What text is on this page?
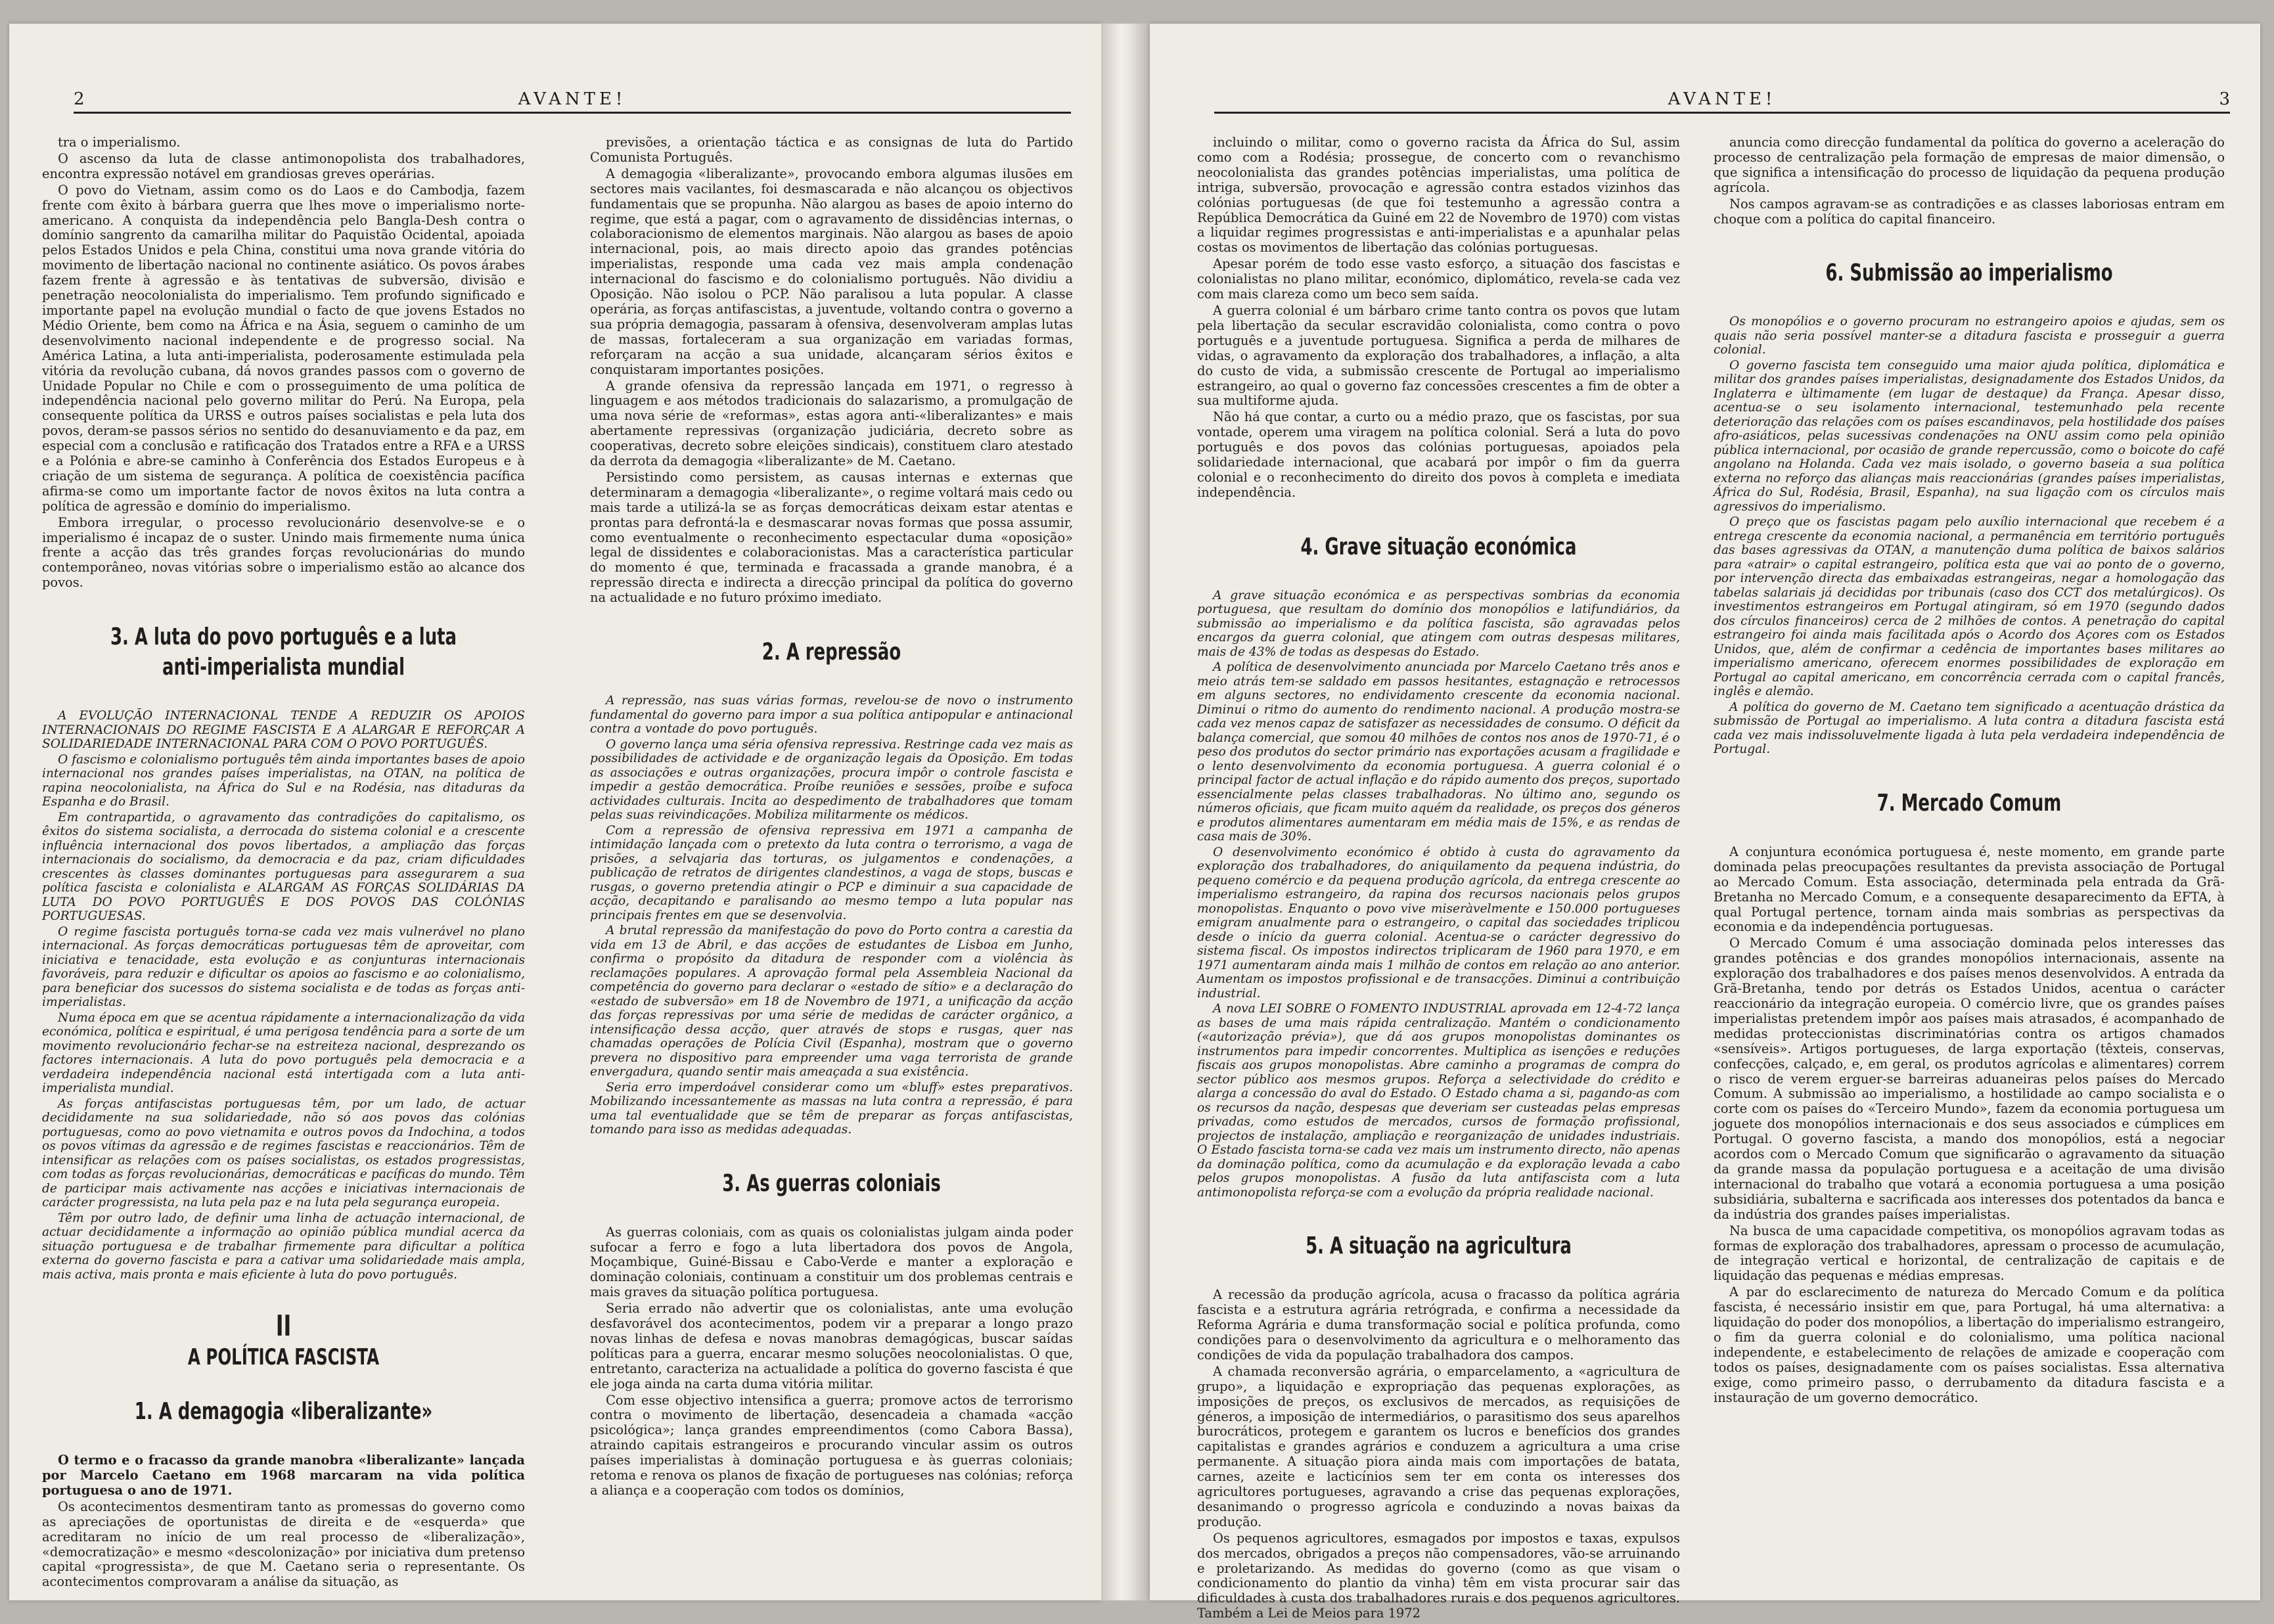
2	AVANTE!

tra o imperialismo.

O ascenso da luta de classe antimonopolista dos trabalhadores, encontra expressão notável em grandiosas greves operárias.

O povo do Vietnam, assim como os do Laos e do Cambodja, fazem frente com êxito à bárbara guerra que lhes move o imperialismo norte-americano. A conquista da independência pelo Bangla-Desh contra o domínio sangrento da camarilha militar do Paquistão Ocidental, apoiada pelos Estados Unidos e pela China, constitui uma nova grande vitória do movimento de libertação nacional no continente asiático. Os povos árabes fazem frente à agressão e às tentativas de subversão, divisão e penetração neocolonialista do imperialismo. Tem profundo significado e importante papel na evolução mundial o facto de que jovens Estados no Médio Oriente, bem como na África e na Ásia, seguem o caminho de um desenvolvimento nacional independente e de progresso social. Na América Latina, a luta anti-imperialista, poderosamente estimulada pela vitória da revolução cubana, dá novos grandes passos com o governo de Unidade Popular no Chile e com o prosseguimento de uma política de independência nacional pelo governo militar do Perú. Na Europa, pela consequente política da URSS e outros países socialistas e pela luta dos povos, deram-se passos sérios no sentido do desanuviamento e da paz, em especial com a conclusão e ratificação dos Tratados entre a RFA e a URSS e a Polónia e abre-se caminho à Conferência dos Estados Europeus e à criação de um sistema de segurança. A política de coexistência pacífica afirma-se como um importante factor de novos êxitos na luta contra a política de agressão e domínio do imperialismo.

Embora irregular, o processo revolucionário desenvolve-se e o imperialismo é incapaz de o suster. Unindo mais firmemente numa única frente a acção das três grandes forças revolucionárias do mundo contemporâneo, novas vitórias sobre o imperialismo estão ao alcance dos povos.

3. A luta do povo português e a luta anti-imperialista mundial

A EVOLUÇÃO INTERNACIONAL TENDE A REDUZIR OS APOIOS INTERNACIONAIS DO REGIME FASCISTA E A ALARGAR E REFORÇAR A SOLIDARIEDADE INTERNACIONAL PARA COM O POVO PORTUGUÊS.

O fascismo e colonialismo português têm ainda importantes bases de apoio internacional nos grandes países imperialistas, na OTAN, na política de rapina neocolonialista, na África do Sul e na Rodésia, nas ditaduras da Espanha e do Brasil.

Em contrapartida, o agravamento das contradições do capitalismo, os êxitos do sistema socialista, a derrocada do sistema colonial e a crescente influência internacional dos povos libertados, a ampliação das forças internacionais do socialismo, da democracia e da paz, criam dificuldades crescentes às classes dominantes portuguesas para assegurarem a sua política fascista e colonialista e ALARGAM AS FORÇAS SOLIDÁRIAS DA LUTA DO POVO PORTUGUÊS E DOS POVOS DAS COLÓNIAS PORTUGUESAS.

O regime fascista português torna-se cada vez mais vulnerável no plano internacional. As forças democráticas portuguesas têm de aproveitar, com iniciativa e tenacidade, esta evolução e as conjunturas internacionais favoráveis, para reduzir e dificultar os apoios ao fascismo e ao colonialismo, para beneficiar dos sucessos do sistema socialista e de todas as forças anti-imperialistas.

Numa época em que se acentua rápidamente a internacionalização da vida económica, política e espiritual, é uma perigosa tendência para a sorte de um movimento revolucionário fechar-se na estreiteza nacional, desprezando os factores internacionais. A luta do povo português pela democracia e a verdadeira independência nacional está intertigada com a luta anti-imperialista mundial.

As forças antifascistas portuguesas têm, por um lado, de actuar decididamente na sua solidariedade, não só aos povos das colónias portuguesas, como ao povo vietnamita e outros povos da Indochina, a todos os povos vítimas da agressão e de regimes fascistas e reaccionários. Têm de intensificar as relações com os países socialistas, os estados progressistas, com todas as forças revolucionárias, democráticas e pacíficas do mundo. Têm de participar mais activamente nas acções e iniciativas internacionais de carácter progressista, na luta pela paz e na luta pela segurança europeia.

Têm por outro lado, de definir uma linha de actuação internacional, de actuar decididamente a informação ao opinião pública mundial acerca da situação portuguesa e de trabalhar firmemente para dificultar a política externa do governo fascista e para a cativar uma solidariedade mais ampla, mais activa, mais pronta e mais eficiente à luta do povo português.

II
A POLÍTICA FASCISTA
1. A demagogia «liberalizante»

O termo e o fracasso da grande manobra «liberalizante» lançada por Marcelo Caetano em 1968 marcaram na vida política portuguesa o ano de 1971.

Os acontecimentos desmentiram tanto as promessas do governo como as apreciações de oportunistas de direita e de «esquerda» que acreditaram no início de um real processo de «liberalização», «democratização» e mesmo «descolonização» por iniciativa dum pretenso capital «progressista», de que M. Caetano seria o representante. Os acontecimentos comprovaram a análise da situação, as

previsões, a orientação táctica e as consignas de luta do Partido Comunista Português.

A demagogia «liberalizante», provocando embora algumas ilusões em sectores mais vacilantes, foi desmascarada e não alcançou os objectivos fundamentais que se propunha. Não alargou as bases de apoio interno do regime, que está a pagar, com o agravamento de dissidências internas, o colaboracionismo de elementos marginais. Não alargou as bases de apoio internacional, pois, ao mais directo apoio das grandes potências imperialistas, responde uma cada vez mais ampla condenação internacional do fascismo e do colonialismo português. Não dividiu a Oposição. Não isolou o PCP. Não paralisou a luta popular. A classe operária, as forças antifascistas, a juventude, voltando contra o governo a sua própria demagogia, passaram à ofensiva, desenvolveram amplas lutas de massas, fortaleceram a sua organização em variadas formas, reforçaram na acção a sua unidade, alcançaram sérios êxitos e conquistaram importantes posições.

A grande ofensiva da repressão lançada em 1971, o regresso à linguagem e aos métodos tradicionais do salazarismo, a promulgação de uma nova série de «reformas», estas agora anti-«liberalizantes» e mais abertamente repressivas (organização judiciária, decreto sobre as cooperativas, decreto sobre eleições sindicais), constituem claro atestado da derrota da demagogia «liberalizante» de M. Caetano.

Persistindo como persistem, as causas internas e externas que determinaram a demagogia «liberalizante», o regime voltará mais cedo ou mais tarde a utilizá-la se as forças democráticas deixam estar atentas e prontas para defrontá-la e desmascarar novas formas que possa assumir, como eventualmente o reconhecimento espectacular duma «oposição» legal de dissidentes e colaboracionistas. Mas a característica particular do momento é que, terminada e fracassada a grande manobra, é a repressão directa e indirecta a direcção principal da política do governo na actualidade e no futuro próximo imediato.

2. A repressão

A repressão, nas suas várias formas, revelou-se de novo o instrumento fundamental do governo para impor a sua política antipopular e antinacional contra a vontade do povo português.

O governo lança uma séria ofensiva repressiva. Restringe cada vez mais as possibilidades de actividade e de organização legais da Oposição. Em todas as associações e outras organizações, procura impôr o controle fascista e impedir a gestão democrática. Proíbe reuniões e sessões, proíbe e sufoca actividades culturais. Incita ao despedimento de trabalhadores que tomam pelas suas reivindicações. Mobiliza militarmente os médicos.

Com a repressão de ofensiva repressiva em 1971 a campanha de intimidação lançada com o pretexto da luta contra o terrorismo, a vaga de prisões, a selvajaria das torturas, os julgamentos e condenações, a publicação de retratos de dirigentes clandestinos, a vaga de stops, buscas e rusgas, o governo pretendia atingir o PCP e diminuir a sua capacidade de acção, decapitando e paralisando ao mesmo tempo a luta popular nas principais frentes em que se desenvolvia.

A brutal repressão da manifestação do povo do Porto contra a carestia da vida em 13 de Abril, e das acções de estudantes de Lisboa em Junho, confirma o propósito da ditadura de responder com a violência às reclamações populares. A aprovação formal pela Assembleia Nacional da competência do governo para declarar o «estado de sítio» e a declaração do «estado de subversão» em 18 de Novembro de 1971, a unificação da acção das forças repressivas por uma série de medidas de carácter orgânico, a intensificação dessa acção, quer através de stops e rusgas, quer nas chamadas operações de Polícia Civil (Espanha), mostram que o governo prevera no dispositivo para empreender uma vaga terrorista de grande envergadura, quando sentir mais ameaçada a sua existência.

Seria erro imperdoável considerar como um «bluff» estes preparativos. Mobilizando incessantemente as massas na luta contra a repressão, é para uma tal eventualidade que se têm de preparar as forças antifascistas, tomando para isso as medidas adequadas.

3. As guerras coloniais

As guerras coloniais, com as quais os colonialistas julgam ainda poder sufocar a ferro e fogo a luta libertadora dos povos de Angola, Moçambique, Guiné-Bissau e Cabo-Verde e manter a exploração e dominação coloniais, continuam a constituir um dos problemas centrais e mais graves da situação política portuguesa.

Seria errado não advertir que os colonialistas, ante uma evolução desfavorável dos acontecimentos, podem vir a preparar a longo prazo novas linhas de defesa e novas manobras demagógicas, buscar saídas políticas para a guerra, encarar mesmo soluções neocolonialistas. O que, entretanto, caracteriza na actualidade a política do governo fascista é que ele joga ainda na carta duma vitória militar.

Com esse objectivo intensifica a guerra; promove actos de terrorismo contra o movimento de libertação, desencadeia a chamada «acção psicológica»; lança grandes empreendimentos (como Cabora Bassa), atraindo capitais estrangeiros e procurando vincular assim os outros países imperialistas à dominação portuguesa e às guerras coloniais; retoma e renova os planos de fixação de portugueses nas colónias; reforça a aliança e a cooperação com todos os domínios,

AVANTE!	3

incluindo o militar, como o governo racista da África do Sul, assim como com a Rodésia; prossegue, de concerto com o revanchismo neocolonialista das grandes potências imperialistas, uma política de intriga, subversão, provocação e agressão contra estados vizinhos das colónias portuguesas (de que foi testemunho a agressão contra a República Democrática da Guiné em 22 de Novembro de 1970) com vistas a liquidar regimes progressistas e anti-imperialistas e a apunhalar pelas costas os movimentos de libertação das colónias portuguesas.

Apesar porém de todo esse vasto esforço, a situação dos fascistas e colonialistas no plano militar, económico, diplomático, revela-se cada vez com mais clareza como um beco sem saída.

A guerra colonial é um bárbaro crime tanto contra os povos que lutam pela libertação da secular escravidão colonialista, como contra o povo português e a juventude portuguesa. Significa a perda de milhares de vidas, o agravamento da exploração dos trabalhadores, a inflação, a alta do custo de vida, a submissão crescente de Portugal ao imperialismo estrangeiro, ao qual o governo faz concessões crescentes a fim de obter a sua multiforme ajuda.

Não há que contar, a curto ou a médio prazo, que os fascistas, por sua vontade, operem uma viragem na política colonial. Será a luta do povo português e dos povos das colónias portuguesas, apoiados pela solidariedade internacional, que acabará por impôr o fim da guerra colonial e o reconhecimento do direito dos povos à completa e imediata independência.

4. Grave situação económica

A grave situação económica e as perspectivas sombrias da economia portuguesa, que resultam do domínio dos monopólios e latifundiários, da submissão ao imperialismo e da política fascista, são agravadas pelos encargos da guerra colonial, que atingem com outras despesas militares, mais de 43% de todas as despesas do Estado.

A política de desenvolvimento anunciada por Marcelo Caetano três anos e meio atrás tem-se saldado em passos hesitantes, estagnação e retrocessos em alguns sectores, no endividamento crescente da economia nacional. Diminui o ritmo do aumento do rendimento nacional. A produção mostra-se cada vez menos capaz de satisfazer as necessidades de consumo. O déficit da balança comercial, que somou 40 milhões de contos nos anos de 1970-71, é o peso dos produtos do sector primário nas exportações acusam a fragilidade e o lento desenvolvimento da economia portuguesa. A guerra colonial é o principal factor de actual inflação e do rápido aumento dos preços, suportado essencialmente pelas classes trabalhadoras. No último ano, segundo os números oficiais, que ficam muito aquém da realidade, os preços dos géneros e produtos alimentares aumentaram em média mais de 15%, e as rendas de casa mais de 30%.

O desenvolvimento económico é obtido à custa do agravamento da exploração dos trabalhadores, do aniquilamento da pequena indústria, do pequeno comércio e da pequena produção agrícola, da entrega crescente ao imperialismo estrangeiro, da rapina dos recursos nacionais pelos grupos monopolistas. Enquanto o povo vive miseràvelmente e 150.000 portugueses emigram anualmente para o estrangeiro, o capital das sociedades triplicou desde o início da guerra colonial. Acentua-se o carácter degressivo do sistema fiscal. Os impostos indirectos triplicaram de 1960 para 1970, e em 1971 aumentaram ainda mais 1 milhão de contos em relação ao ano anterior. Aumentam os impostos profissional e de transacções. Diminui a contribuição industrial.

A nova LEI SOBRE O FOMENTO INDUSTRIAL aprovada em 12-4-72 lança as bases de uma mais rápida centralização. Mantém o condicionamento («autorização prévia»), que dá aos grupos monopolistas dominantes os instrumentos para impedir concorrentes. Multiplica as isenções e reduções fiscais aos grupos monopolistas. Abre caminho a programas de compra do sector público aos mesmos grupos. Reforça a selectividade do crédito e alarga a concessão do aval do Estado. O Estado chama a si, pagando-as com os recursos da nação, despesas que deveriam ser custeadas pelas empresas privadas, como estudos de mercados, cursos de formação profissional, projectos de instalação, ampliação e reorganização de unidades industriais. O Estado fascista torna-se cada vez mais um instrumento directo, não apenas da dominação política, como da acumulação e da exploração levada a cabo pelos grupos monopolistas. A fusão da luta antifascista com a luta antimonopolista reforça-se com a evolução da própria realidade nacional.

5. A situação na agricultura

A recessão da produção agrícola, acusa o fracasso da política agrária fascista e a estrutura agrária retrógrada, e confirma a necessidade da Reforma Agrária e duma transformação social e política profunda, como condições para o desenvolvimento da agricultura e o melhoramento das condições de vida da população trabalhadora dos campos.

A chamada reconversão agrária, o emparcelamento, a «agricultura de grupo», a liquidação e expropriação das pequenas explorações, as imposições de preços, os exclusivos de mercados, as requisições de géneros, a imposição de intermediários, o parasitismo dos seus aparelhos burocráticos, protegem e garantem os lucros e benefícios dos grandes capitalistas e grandes agrários e conduzem a agricultura a uma crise permanente. A situação piora ainda mais com importações de batata, carnes, azeite e lacticínios sem ter em conta os interesses dos agricultores portugueses, agravando a crise das pequenas explorações, desanimando o progresso agrícola e conduzindo a novas baixas da produção.

Os pequenos agricultores, esmagados por impostos e taxas, expulsos dos mercados, obrigados a preços não compensadores, vão-se arruinando e proletarizando. As medidas do governo (como as que visam o condicionamento do plantio da vinha) têm em vista procurar sair das dificuldades à custa dos trabalhadores rurais e dos pequenos agricultores. Também a Lei de Meios para 1972

anuncia como direcção fundamental da política do governo a aceleração do processo de centralização pela formação de empresas de maior dimensão, o que significa a intensificação do processo de liquidação da pequena produção agrícola.

Nos campos agravam-se as contradições e as classes laboriosas entram em choque com a política do capital financeiro.

6. Submissão ao imperialismo

Os monopólios e o governo procuram no estrangeiro apoios e ajudas, sem os quais não seria possível manter-se a ditadura fascista e prosseguir a guerra colonial.

O governo fascista tem conseguido uma maior ajuda política, diplomática e militar dos grandes países imperialistas, designadamente dos Estados Unidos, da Inglaterra e ùltimamente (em lugar de destaque) da França. Apesar disso, acentua-se o seu isolamento internacional, testemunhado pela recente deterioração das relações com os países escandinavos, pela hostilidade dos países afro-asiáticos, pelas sucessivas condenações na ONU assim como pela opinião pública internacional, por ocasião de grande repercussão, como o boicote do café angolano na Holanda. Cada vez mais isolado, o governo baseia a sua política externa no reforço das alianças mais reaccionárias (grandes países imperialistas, África do Sul, Rodésia, Brasil, Espanha), na sua ligação com os círculos mais agressivos do imperialismo.

O preço que os fascistas pagam pelo auxílio internacional que recebem é a entrega crescente da economia nacional, a permanência em território português das bases agressivas da OTAN, a manutenção duma política de baixos salários para «atrair» o capital estrangeiro, política esta que vai ao ponto de o governo, por intervenção directa das embaixadas estrangeiras, negar a homologação das tabelas salariais já decididas por tribunais (caso dos CCT dos metalúrgicos). Os investimentos estrangeiros em Portugal atingiram, só em 1970 (segundo dados dos círculos financeiros) cerca de 2 milhões de contos. A penetração do capital estrangeiro foi ainda mais facilitada após o Acordo dos Açores com os Estados Unidos, que, além de confirmar a cedência de importantes bases militares ao imperialismo americano, oferecem enormes possibilidades de exploração em Portugal ao capital americano, em concorrência cerrada com o capital francês, inglês e alemão.

A política do governo de M. Caetano tem significado a acentuação drástica da submissão de Portugal ao imperialismo. A luta contra a ditadura fascista está cada vez mais indissoluvelmente ligada à luta pela verdadeira independência de Portugal.

7. Mercado Comum

A conjuntura económica portuguesa é, neste momento, em grande parte dominada pelas preocupações resultantes da prevista associação de Portugal ao Mercado Comum. Esta associação, determinada pela entrada da Grã-Bretanha no Mercado Comum, e a consequente desaparecimento da EFTA, à qual Portugal pertence, tornam ainda mais sombrias as perspectivas da economia e da independência portuguesas.

O Mercado Comum é uma associação dominada pelos interesses das grandes potências e dos grandes monopólios internacionais, assente na exploração dos trabalhadores e dos países menos desenvolvidos. A entrada da Grã-Bretanha, tendo por detrás os Estados Unidos, acentua o carácter reaccionário da integração europeia. O comércio livre, que os grandes países imperialistas pretendem impôr aos países mais atrasados, é acompanhado de medidas proteccionistas discriminatórias contra os artigos chamados «sensíveis». Artigos portugueses, de larga exportação (têxteis, conservas, confecções, calçado, e, em geral, os produtos agrícolas e alimentares) correm o risco de verem erguer-se barreiras aduaneiras pelos países do Mercado Comum. A submissão ao imperialismo, a hostilidade ao campo socialista e o corte com os países do «Terceiro Mundo», fazem da economia portuguesa um joguete dos monopólios internacionais e dos seus associados e cúmplices em Portugal. O governo fascista, a mando dos monopólios, está a negociar acordos com o Mercado Comum que significarão o agravamento da situação da grande massa da população portuguesa e a aceitação de uma divisão internacional do trabalho que votará a economia portuguesa a uma posição subsidiária, subalterna e sacrificada aos interesses dos potentados da banca e da indústria dos grandes países imperialistas.

Na busca de uma capacidade competitiva, os monopólios agravam todas as formas de exploração dos trabalhadores, apressam o processo de acumulação, de integração vertical e horizontal, de centralização de capitais e de liquidação das pequenas e médias empresas.

A par do esclarecimento de natureza do Mercado Comum e da política fascista, é necessário insistir em que, para Portugal, há uma alternativa: a liquidação do poder dos monopólios, a libertação do imperialismo estrangeiro, o fim da guerra colonial e do colonialismo, uma política nacional independente, e estabelecimento de relações de amizade e cooperação com todos os países, designadamente com os países socialistas. Essa alternativa exige, como primeiro passo, o derrubamento da ditadura fascista e a instauração de um governo democrático.
